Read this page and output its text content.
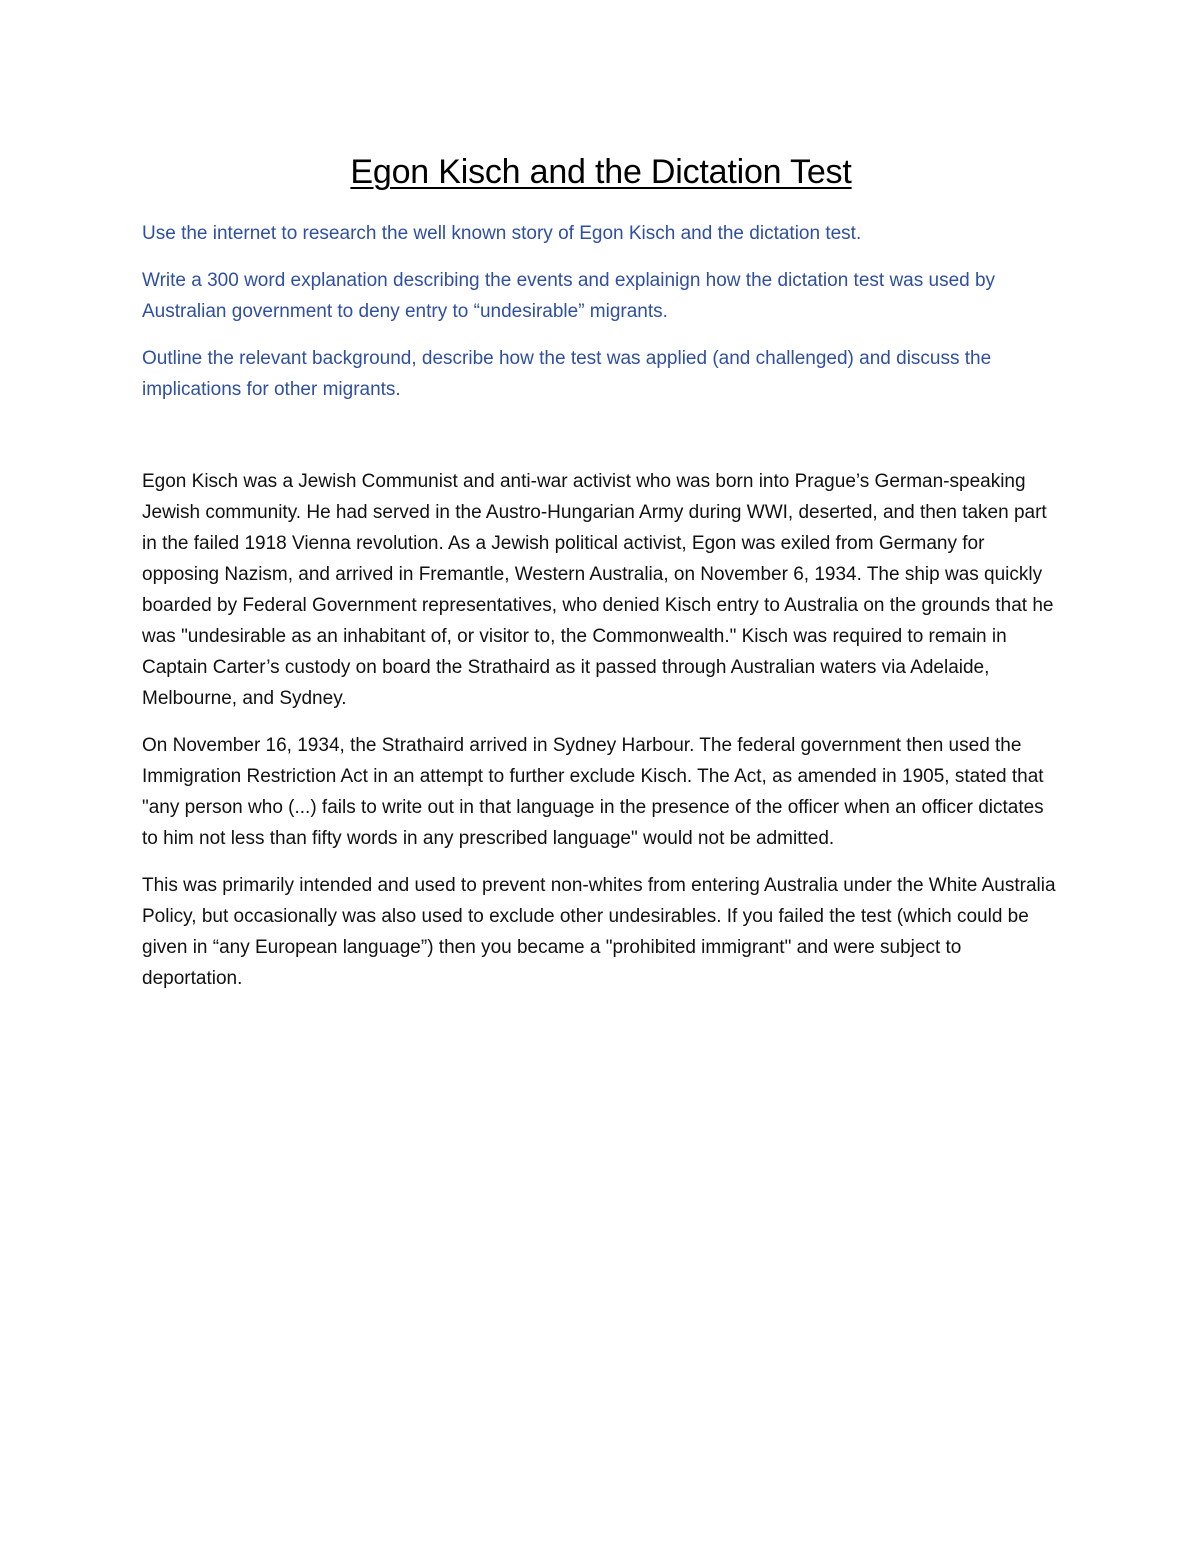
Egon Kisch and the Dictation Test

Use the internet to research the well known story of Egon Kisch and the dictation test.

Write a 300 word explanation describing the events and explainign how the dictation test was used by Australian government to deny entry to “undesirable” migrants.

Outline the relevant background, describe how the test was applied (and challenged) and discuss the implications for other migrants.

Egon Kisch was a Jewish Communist and anti-war activist who was born into Prague’s German-speaking Jewish community. He had served in the Austro-Hungarian Army during WWI, deserted, and then taken part in the failed 1918 Vienna revolution. As a Jewish political activist, Egon was exiled from Germany for opposing Nazism, and arrived in Fremantle, Western Australia, on November 6, 1934. The ship was quickly boarded by Federal Government representatives, who denied Kisch entry to Australia on the grounds that he was "undesirable as an inhabitant of, or visitor to, the Commonwealth." Kisch was required to remain in Captain Carter’s custody on board the Strathaird as it passed through Australian waters via Adelaide, Melbourne, and Sydney.

On November 16, 1934, the Strathaird arrived in Sydney Harbour. The federal government then used the Immigration Restriction Act in an attempt to further exclude Kisch. The Act, as amended in 1905, stated that "any person who (...) fails to write out in that language in the presence of the officer when an officer dictates to him not less than fifty words in any prescribed language" would not be admitted.

This was primarily intended and used to prevent non-whites from entering Australia under the White Australia Policy, but occasionally was also used to exclude other undesirables. If you failed the test (which could be given in “any European language”) then you became a "prohibited immigrant" and were subject to deportation.
